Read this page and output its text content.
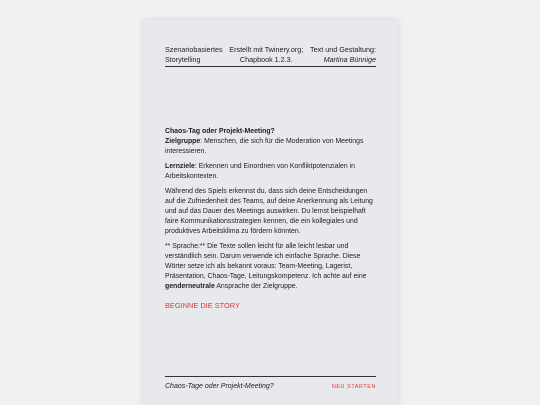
Szenariobasiertes
Storytelling
Erstellt mit Twinery.org;
Chapbook 1.2.3.
Text und Gestaltung:
Martina Bünnige

Chaos-Tag oder Projekt-Meeting?
Zielgruppe: Menschen, die sich für die Moderation von Meetings interessieren.

Lernziele: Erkennen und Einordnen von Konfliktpotenzialen in Arbeitskontexten.

Während des Spiels erkennst du, dass sich deine Entscheidungen auf die Zufriedenheit des Teams, auf deine Anerkennung als Leitung und auf das Dauer des Meetings auswirken. Du lernst beispielhaft faire Kommunikationsstrategien kennen, die ein kollegiales und produktives Arbeitsklima zu fördern könnten.

** Sprache:** Die Texte sollen leicht für alle leicht lesbar und verständlich sein. Darum verwende ich einfache Sprache. Diese Wörter setze ich als bekannt voraus: Team-Meeting, Lagerist, Präsentation, Chaos-Tage, Leitungskompetenz. Ich achte auf eine genderneutrale Ansprache der Zielgruppe.

BEGINNE DIE STORY
Chaos-Tage oder Projekt-Meeting?	NEU STARTEN
